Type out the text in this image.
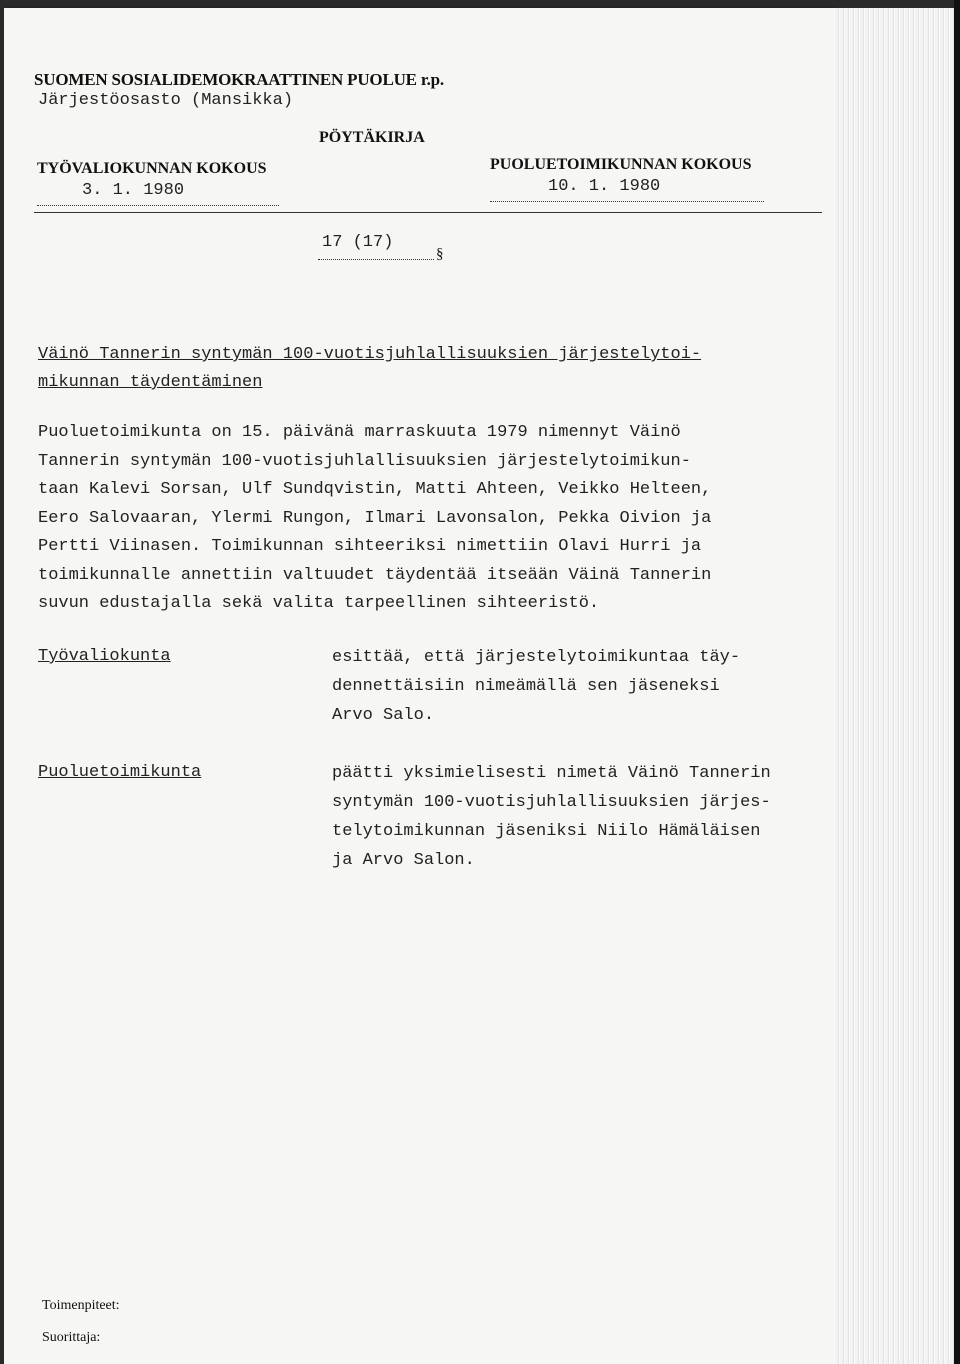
SUOMEN SOSIALIDEMOKRAATTINEN PUOLUE r.p.
Järjestöosasto (Mansikka)
PÖYTÄKIRJA
TYÖVALIOKUNNAN KOKOUS
3. 1. 1980
PUOLUETOIMIKUNNAN KOKOUS
10. 1. 1980
17 (17)
§
Väinö Tannerin syntymän 100-vuotisjuhlallisuuksien järjestelytoi-
mikunnan täydentäminen
Puoluetoimikunta on 15. päivänä marraskuuta 1979 nimennyt Väinö
Tannerin syntymän 100-vuotisjuhlallisuuksien järjestelytoimikun-
taan Kalevi Sorsan, Ulf Sundqvistin, Matti Ahteen, Veikko Helteen,
Eero Salovaaran, Ylermi Rungon, Ilmari Lavonsalon, Pekka Oivion ja
Pertti Viinasen. Toimikunnan sihteeriksi nimettiin Olavi Hurri ja
toimikunnalle annettiin valtuudet täydentää itseään Väinä Tannerin
suvun edustajalla sekä valita tarpeellinen sihteeristö.
Työvaliokunta	esittää, että järjestelytoimikuntaa täy-
dennettäisiin nimeämällä sen jäseneksi
Arvo Salo.
Puoluetoimikunta	päätti yksimielisesti nimetä Väinö Tannerin
syntymän 100-vuotisjuhlallisuuksien järjes-
telytoimikunnan jäseniksi Niilo Hämäläisen
ja Arvo Salon.
Toimenpiteet:
Suorittaja:
